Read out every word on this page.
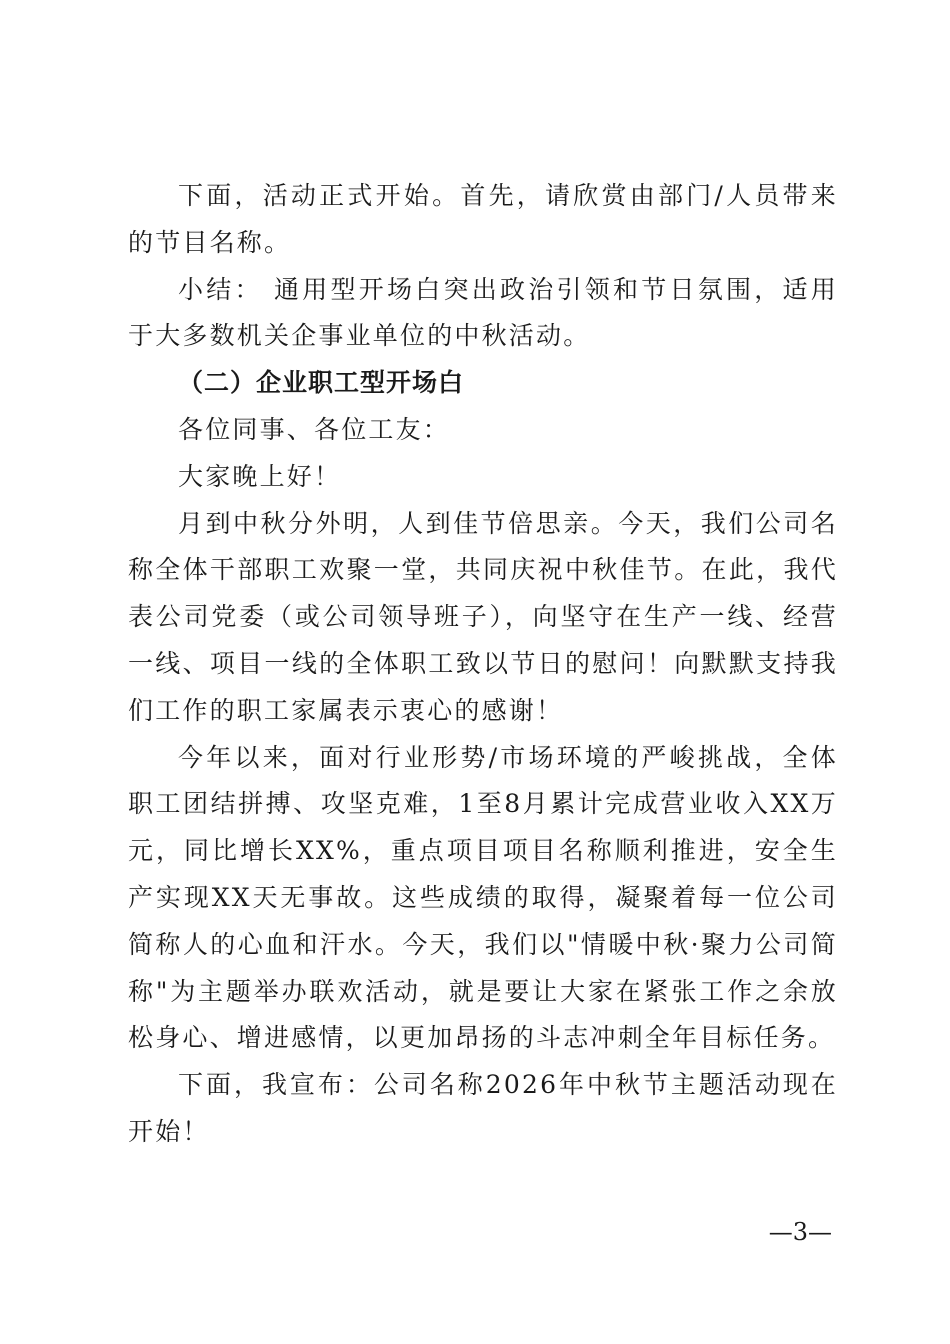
下面，活动正式开始。首先，请欣赏由部门/人员带来的节目名称。

小结： 通用型开场白突出政治引领和节日氛围，适用于大多数机关企事业单位的中秋活动。

（二）企业职工型开场白

各位同事、各位工友：

大家晚上好！

月到中秋分外明，人到佳节倍思亲。今天，我们公司名称全体干部职工欢聚一堂，共同庆祝中秋佳节。在此，我代表公司党委（或公司领导班子），向坚守在生产一线、经营一线、项目一线的全体职工致以节日的慰问！向默默支持我们工作的职工家属表示衷心的感谢！

今年以来，面对行业形势/市场环境的严峻挑战，全体职工团结拼搏、攻坚克难，1至8月累计完成营业收入XX万元，同比增长XX%，重点项目项目名称顺利推进，安全生产实现XX天无事故。这些成绩的取得，凝聚着每一位公司简称人的心血和汗水。今天，我们以"情暖中秋·聚力公司简称"为主题举办联欢活动，就是要让大家在紧张工作之余放松身心、增进感情，以更加昂扬的斗志冲刺全年目标任务。

下面，我宣布：公司名称2026年中秋节主题活动现在开始！

—3—
